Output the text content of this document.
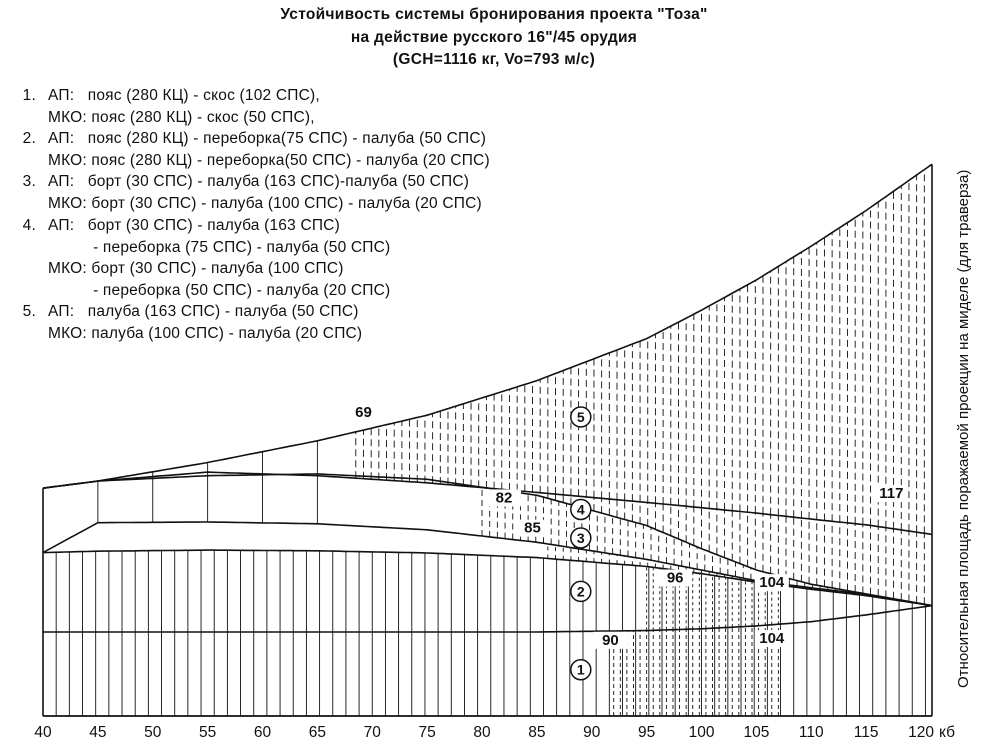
Устойчивость системы бронирования проекта "Тоза"
на действие русского 16"/45 орудия
(GCH=1116 кг, Vo=793 м/с)
1. АП:   пояс (280 КЦ) - скос (102 СПС),
МКО: пояс (280 КЦ) - скос (50 СПС),
2. АП:   пояс (280 КЦ) - переборка(75 СПС) - палуба (50 СПС)
МКО: пояс (280 КЦ) - переборка(50 СПС) - палуба (20 СПС)
3. АП:   борт (30 СПС) - палуба (163 СПС)-палуба (50 СПС)
МКО: борт (30 СПС) - палуба (100 СПС) - палуба (20 СПС)
4. АП:   борт (30 СПС) - палуба (163 СПС)
- переборка (75 СПС) - палуба (50 СПС)
МКО: борт (30 СПС) - палуба (100 СПС)
- переборка (50 СПС) - палуба (20 СПС)
5. АП:   палуба (163 СПС) - палуба (50 СПС)
МКО: палуба (100 СПС) - палуба (20 СПС)
40 45 50 55 60 65 70 75 80 85 90 95 100 105 110 115 120 кб
1
2
3
4
5
69
82
85
96	104
90	104
117	Относительная площадь поражаемой проекции на миделе (для траверза)
